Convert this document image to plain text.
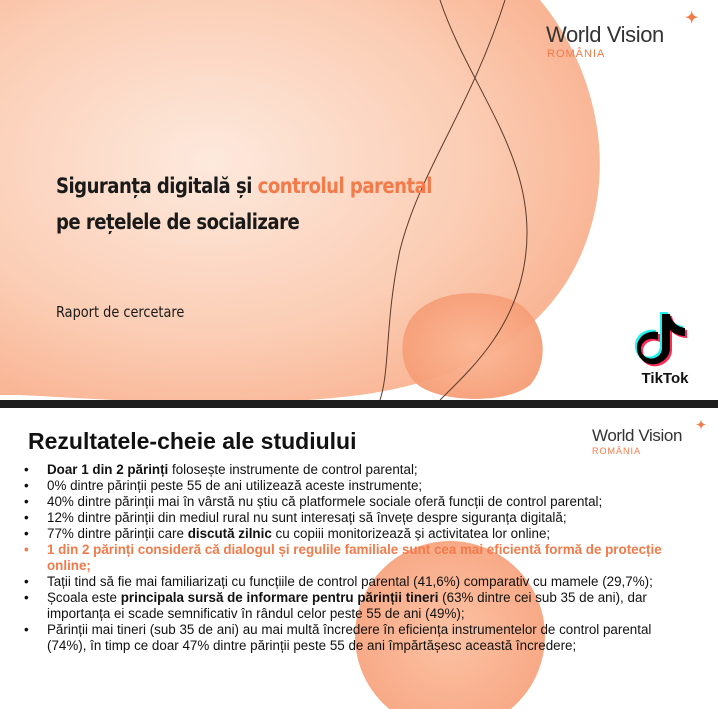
World Vision
ROMÂNIA
✦
Siguranța digitală și controlul parental
pe rețelele de socializare
Raport de cercetare
TikTok
Rezultatele-cheie ale studiului	World Vision
ROMÂNIA
✦
• Doar 1 din 2 părinți folosește instrumente de control parental;
• 0% dintre părinții peste 55 de ani utilizează aceste instrumente;
• 40% dintre părinții mai în vârstă nu știu că platformele sociale oferă funcții de control parental;
• 12% dintre părinții din mediul rural nu sunt interesați să învețe despre siguranța digitală;
• 77% dintre părinții care discută zilnic cu copiii monitorizează și activitatea lor online;
• 1 din 2 părinți consideră că dialogul și regulile familiale sunt cea mai eficientă formă de protecție online;
• Tații tind să fie mai familiarizați cu funcțiile de control parental (41,6%) comparativ cu mamele (29,7%);
• Școala este principala sursă de informare pentru părinții tineri (63% dintre cei sub 35 de ani), dar importanța ei scade semnificativ în rândul celor peste 55 de ani (49%);
• Părinții mai tineri (sub 35 de ani) au mai multă încredere în eficiența instrumentelor de control parental (74%), în timp ce doar 47% dintre părinții peste 55 de ani împărtășesc această încredere;
